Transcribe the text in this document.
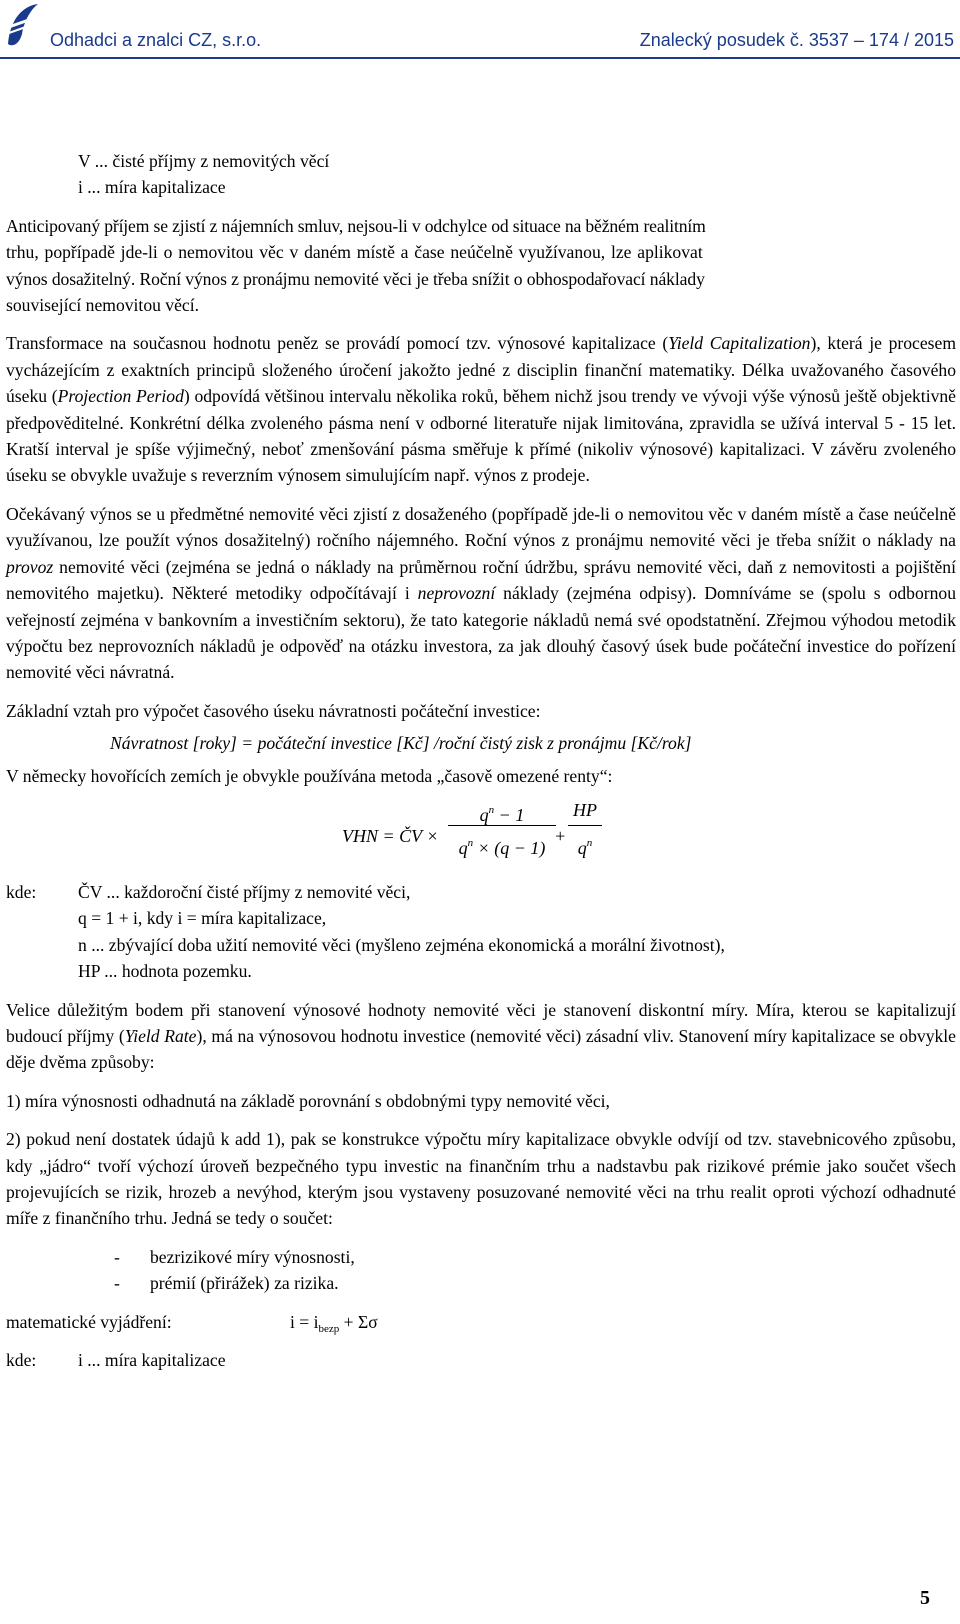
Odhadci a znalci CZ, s.r.o.	Znalecký posudek č. 3537 – 174 / 2015
V ... čisté příjmy z nemovitých věcí
i ... míra kapitalizace
Anticipovaný příjem se zjistí z nájemních smluv, nejsou-li v odchylce od situace na běžném realitním
trhu, popřípadě jde-li o nemovitou věc v daném místě a čase neúčelně využívanou, lze aplikovat
výnos dosažitelný. Roční výnos z pronájmu nemovité věci je třeba snížit o obhospodařovací náklady
související nemovitou věcí.

Transformace na současnou hodnotu peněz se provádí pomocí tzv. výnosové kapitalizace (Yield Capitalization), která je procesem vycházejícím z exaktních principů složeného úročení jakožto jedné z disciplin finanční matematiky. Délka uvažovaného časového úseku (Projection Period) odpovídá většinou intervalu několika roků, během nichž jsou trendy ve vývoji výše výnosů ještě objektivně předpověditelné. Konkrétní délka zvoleného pásma není v odborné literatuře nijak limitována, zpravidla se užívá interval 5 - 15 let. Kratší interval je spíše výjimečný, neboť zmenšování pásma směřuje k přímé (nikoliv výnosové) kapitalizaci. V závěru zvoleného úseku se obvykle uvažuje s reverzním výnosem simulujícím např. výnos z prodeje.

Očekávaný výnos se u předmětné nemovité věci zjistí z dosaženého (popřípadě jde-li o nemovitou věc v daném místě a čase neúčelně využívanou, lze použít výnos dosažitelný) ročního nájemného. Roční výnos z pronájmu nemovité věci je třeba snížit o náklady na provoz nemovité věci (zejména se jedná o náklady na průměrnou roční údržbu, správu nemovité věci, daň z nemovitosti a pojištění nemovitého majetku). Některé metodiky odpočítávají i neprovozní náklady (zejména odpisy). Domníváme se (spolu s odbornou veřejností zejména v bankovním a investičním sektoru), že tato kategorie nákladů nemá své opodstatnění. Zřejmou výhodou metodik výpočtu bez neprovozních nákladů je odpověď na otázku investora, za jak dlouhý časový úsek bude počáteční investice do pořízení nemovité věci návratná.

Základní vztah pro výpočet časového úseku návratnosti počáteční investice:
Návratnost [roky] = počáteční investice [Kč] /roční čistý zisk z pronájmu [Kč/rok]
V německy hovořících zemích je obvykle používána metoda „časově omezené renty“:
VHN = ČV ×
$q^n - 1$
$q^n \times (q - 1)$
+
HP
$q^n$
kde: ČV ... každoroční čisté příjmy z nemovité věci,
q = 1 + i, kdy i = míra kapitalizace,
n ... zbývající doba užití nemovité věci (myšleno zejména ekonomická a morální životnost),
HP ... hodnota pozemku.

Velice důležitým bodem při stanovení výnosové hodnoty nemovité věci je stanovení diskontní míry. Míra, kterou se kapitalizují budoucí příjmy (Yield Rate), má na výnosovou hodnotu investice (nemovité věci) zásadní vliv. Stanovení míry kapitalizace se obvykle děje dvěma způsoby:

1) míra výnosnosti odhadnutá na základě porovnání s obdobnými typy nemovité věci,

2) pokud není dostatek údajů k add 1), pak se konstrukce výpočtu míry kapitalizace obvykle odvíjí od tzv. stavebnicového způsobu, kdy „jádro“ tvoří výchozí úroveň bezpečného typu investic na finančním trhu a nadstavbu pak rizikové prémie jako součet všech projevujících se rizik, hrozeb a nevýhod, kterým jsou vystaveny posuzované nemovité věci na trhu realit oproti výchozí odhadnuté míře z finančního trhu. Jedná se tedy o součet:

- bezrizikové míry výnosnosti,
- prémií (přirážek) za rizika.
matematické vyjádření:	$i = i_{bezp} + \Sigma\sigma$
kde: i ... míra kapitalizace
5
